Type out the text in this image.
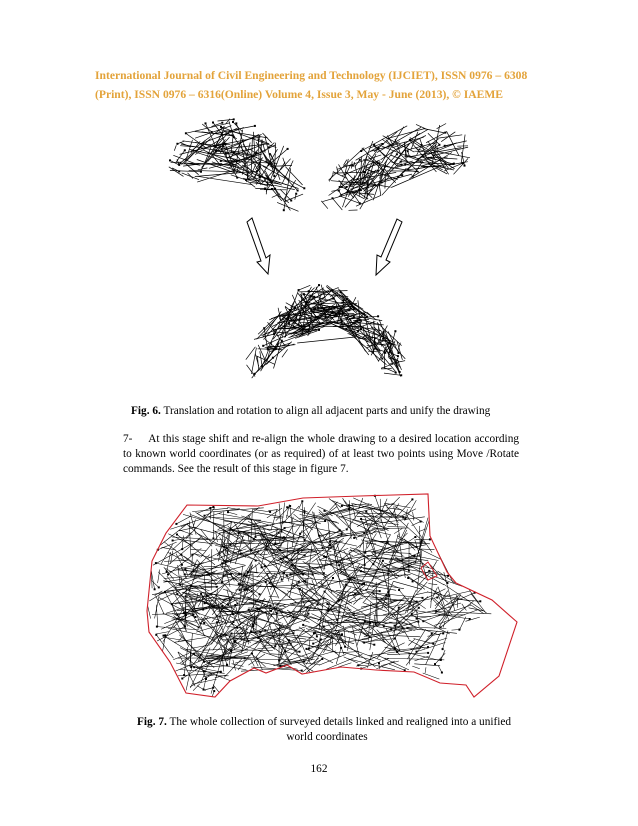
International Journal of Civil Engineering and Technology (IJCIET), ISSN 0976 – 6308
(Print), ISSN 0976 – 6316(Online) Volume 4, Issue 3, May - June (2013), © IAEME
Fig. 6. Translation and rotation to align all adjacent parts and unify the drawing
7-     At this stage shift and re-align the whole drawing to a desired location according to known world coordinates (or as required) of at least two points using Move /Rotate commands. See the result of this stage in figure 7.
Fig. 7. The whole collection of surveyed details linked and realigned into a unified
world coordinates
162
